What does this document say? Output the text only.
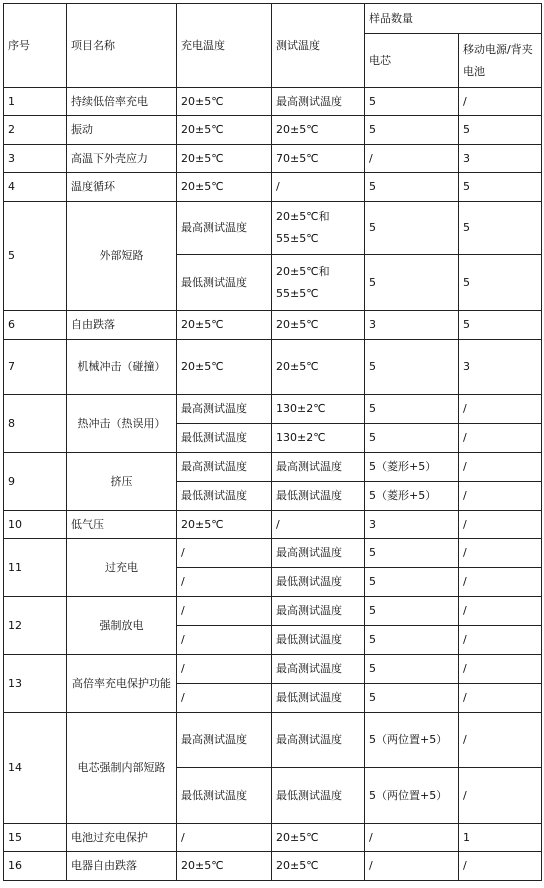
序号	项目名称	充电温度	测试温度	样品数量	
				电芯	移动电源/背夹电池
1	持续低倍率充电	20±5℃	最高测试温度	5	/
2	振动	20±5℃	20±5℃	5	5
3	高温下外壳应力	20±5℃	70±5℃	/	3
4	温度循环	20±5℃	/	5	5
5	外部短路	最高测试温度	20±5℃和55±5℃	5	5
		最低测试温度	20±5℃和55±5℃	5	5
6	自由跌落	20±5℃	20±5℃	3	5
7	机械冲击（碰撞）	20±5℃	20±5℃	5	3
8	热冲击（热误用）	最高测试温度	130±2℃	5	/
		最低测试温度	130±2℃	5	/
9	挤压	最高测试温度	最高测试温度	5（菱形+5）	/
		最低测试温度	最低测试温度	5（菱形+5）	/
10	低气压	20±5℃	/	3	/
11	过充电	/	最高测试温度	5	/
		/	最低测试温度	5	/
12	强制放电	/	最高测试温度	5	/
		/	最低测试温度	5	/
13	高倍率充电保护功能	/	最高测试温度	5	/
		/	最低测试温度	5	/
14	电芯强制内部短路	最高测试温度	最高测试温度	5（两位置+5）	/
		最低测试温度	最低测试温度	5（两位置+5）	/
15	电池过充电保护	/	20±5℃	/	1
16	电器自由跌落	20±5℃	20±5℃	/	/
